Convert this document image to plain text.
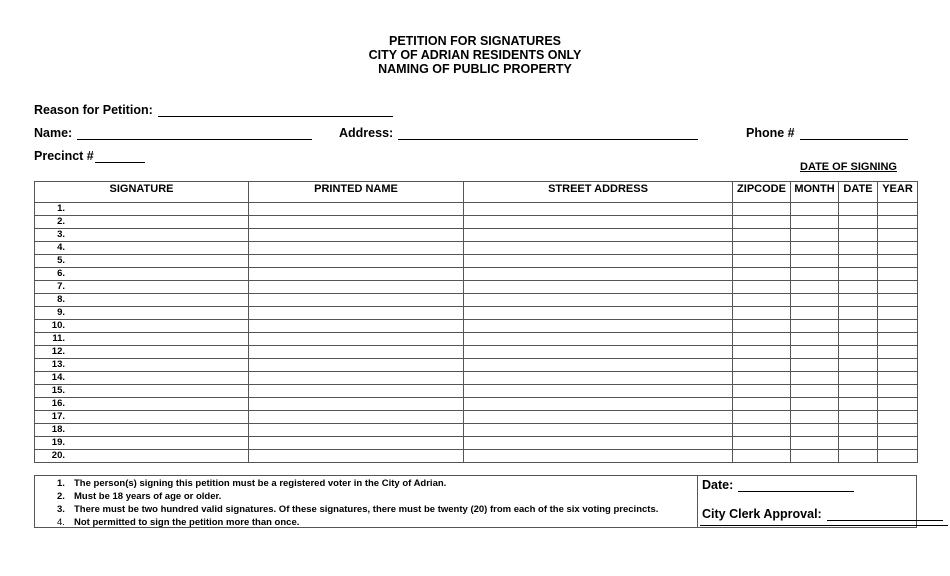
PETITION FOR SIGNATURES
CITY OF ADRIAN RESIDENTS ONLY
NAMING OF PUBLIC PROPERTY
Reason for Petition:
Name:	Address:	Phone #
Precinct #
DATE OF SIGNING
SIGNATURE	PRINTED NAME	STREET ADDRESS	ZIPCODE	MONTH	DATE	YEAR
1.						
2.						
3.						
4.						
5.						
6.						
7.						
8.						
9.						
10.						
11.						
12.						
13.						
14.						
15.						
16.						
17.						
18.						
19.						
20.						
1. The person(s) signing this petition must be a registered voter in the City of Adrian.
2. Must be 18 years of age or older.
3. There must be two hundred valid signatures. Of these signatures, there must be twenty (20) from each of the six voting precincts.
4. Not permitted to sign the petition more than once.
Date:
City Clerk Approval:
